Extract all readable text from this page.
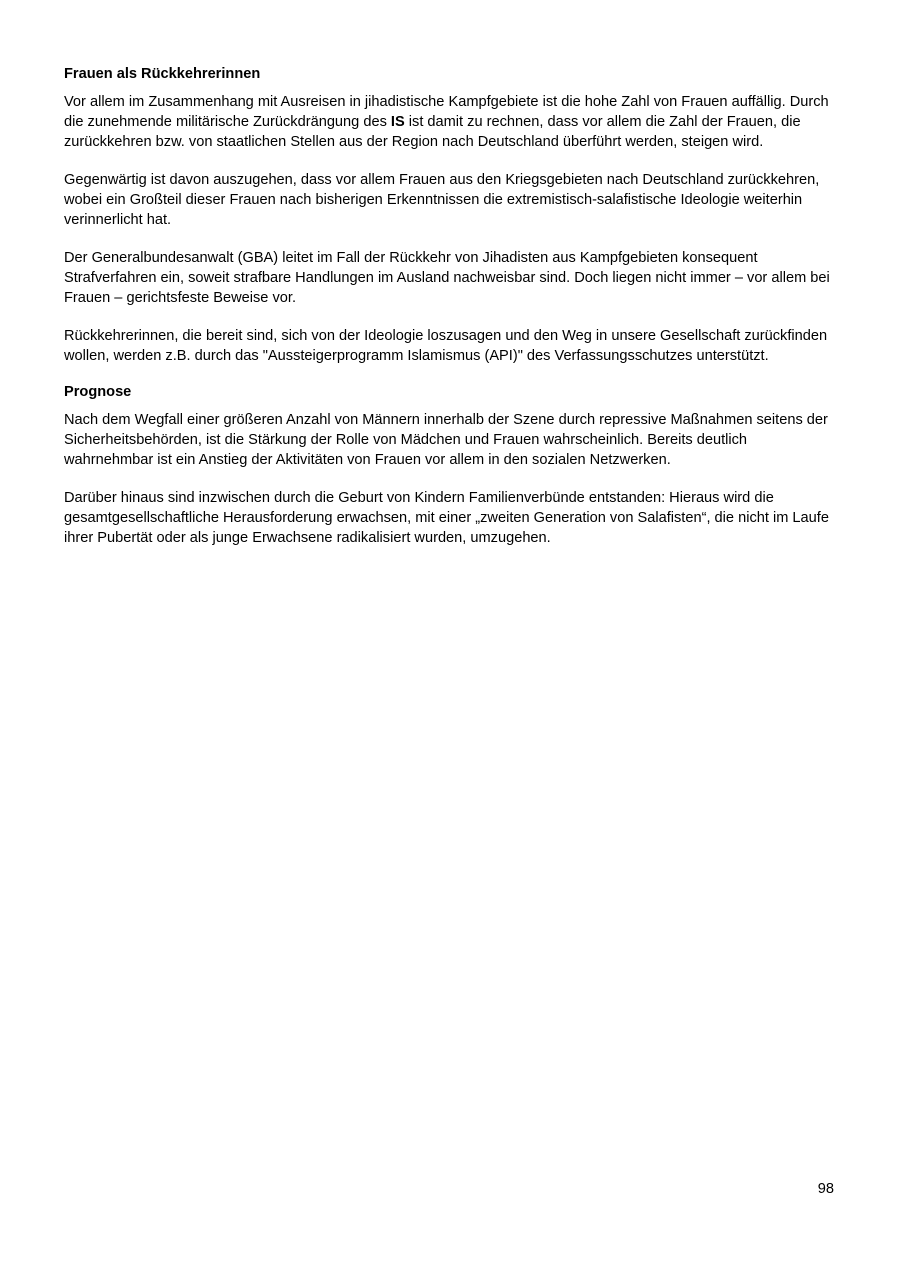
Frauen als Rückkehrerinnen

Vor allem im Zusammenhang mit Ausreisen in jihadistische Kampfgebiete ist die hohe Zahl von Frauen auffällig. Durch die zunehmende militärische Zurückdrängung des IS ist damit zu rechnen, dass vor allem die Zahl der Frauen, die zurückkehren bzw. von staatlichen Stellen aus der Region nach Deutschland überführt werden, steigen wird.

Gegenwärtig ist davon auszugehen, dass vor allem Frauen aus den Kriegsgebieten nach Deutschland zurückkehren, wobei ein Großteil dieser Frauen nach bisherigen Erkenntnissen die extremistisch-salafistische Ideologie weiterhin verinnerlicht hat.

Der Generalbundesanwalt (GBA) leitet im Fall der Rückkehr von Jihadisten aus Kampfgebieten konsequent Strafverfahren ein, soweit strafbare Handlungen im Ausland nachweisbar sind. Doch liegen nicht immer – vor allem bei Frauen – gerichtsfeste Beweise vor.

Rückkehrerinnen, die bereit sind, sich von der Ideologie loszusagen und den Weg in unsere Gesellschaft zurückfinden wollen, werden z.B. durch das "Aussteigerprogramm Islamismus (API)" des Verfassungsschutzes unterstützt.

Prognose

Nach dem Wegfall einer größeren Anzahl von Männern innerhalb der Szene durch repressive Maßnahmen seitens der Sicherheitsbehörden, ist die Stärkung der Rolle von Mädchen und Frauen wahrscheinlich. Bereits deutlich wahrnehmbar ist ein Anstieg der Aktivitäten von Frauen vor allem in den sozialen Netzwerken.

Darüber hinaus sind inzwischen durch die Geburt von Kindern Familienverbünde entstanden: Hieraus wird die gesamtgesellschaftliche Herausforderung erwachsen, mit einer „zweiten Generation von Salafisten“, die nicht im Laufe ihrer Pubertät oder als junge Erwachsene radikalisiert wurden, umzugehen.

98
